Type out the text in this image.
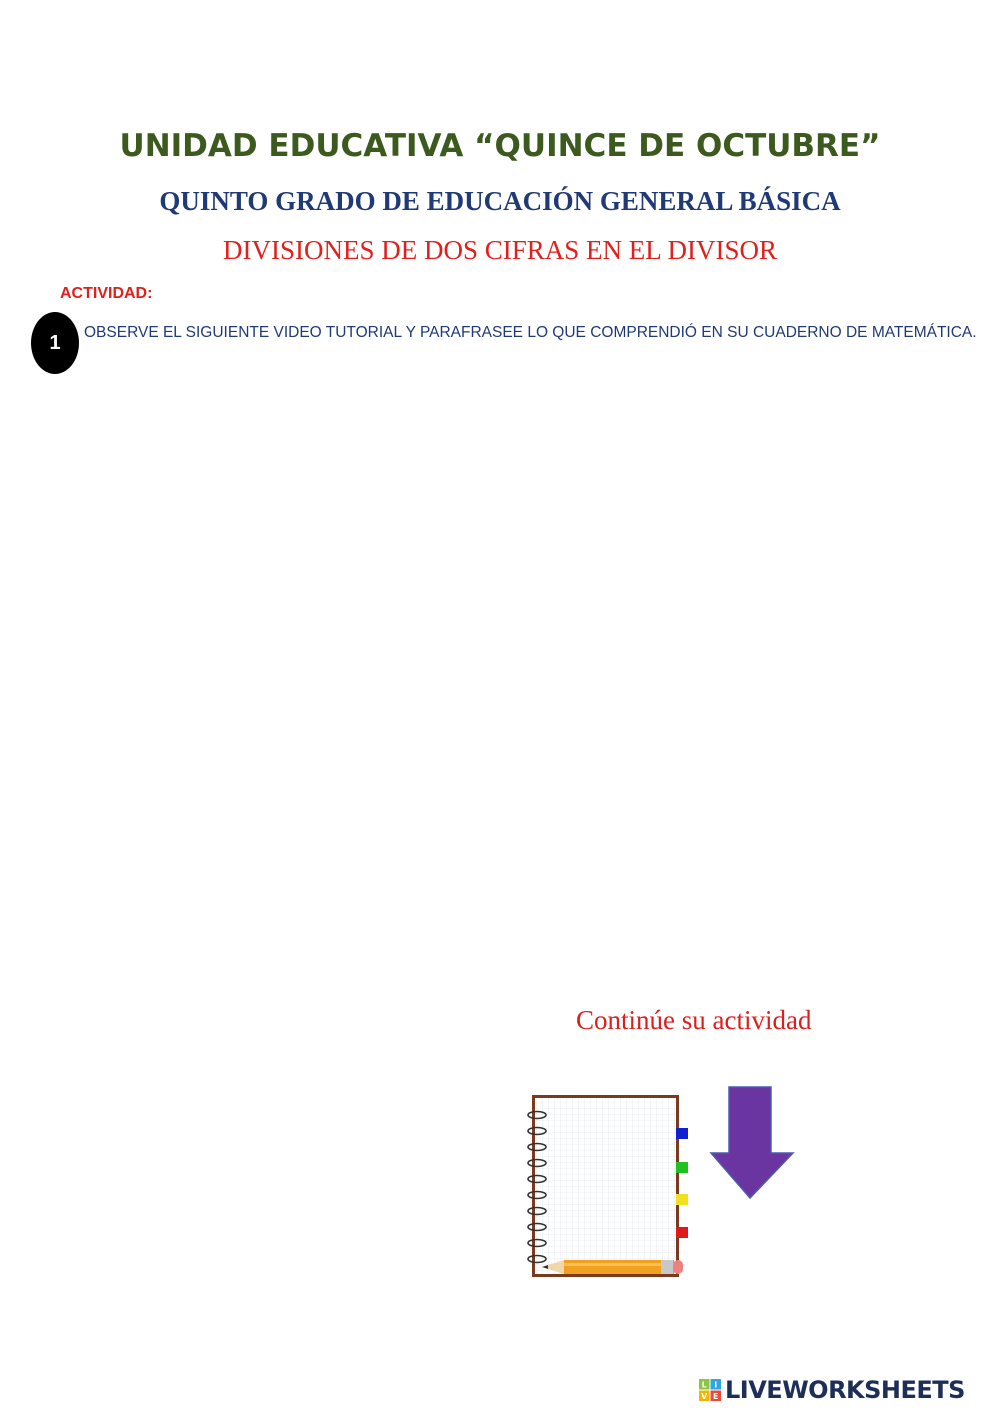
UNIDAD EDUCATIVA “QUINCE DE OCTUBRE”
QUINTO GRADO DE EDUCACIÓN GENERAL BÁSICA
DIVISIONES DE DOS CIFRAS EN EL DIVISOR
ACTIVIDAD:
1	OBSERVE EL SIGUIENTE VIDEO TUTORIAL Y PARAFRASEE LO QUE COMPRENDIÓ EN SU CUADERNO DE MATEMÁTICA.
Continúe su actividad
L I
V E LIVEWORKSHEETS
